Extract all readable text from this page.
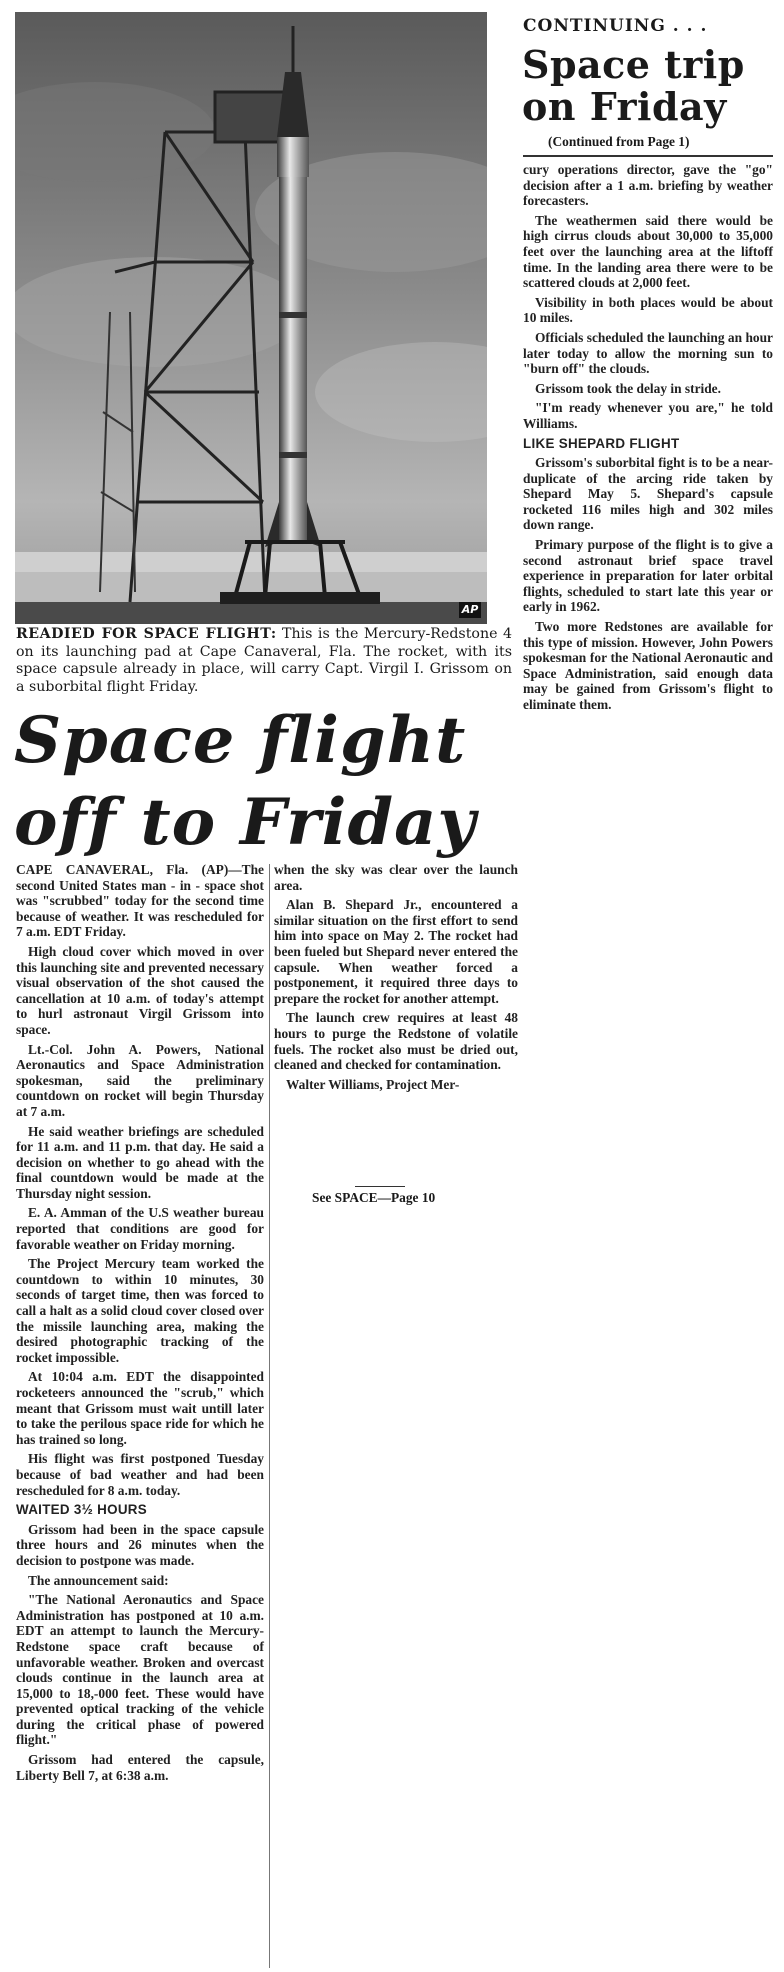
AP
READIED FOR SPACE FLIGHT: This is the Mercury-Redstone 4 on its launching pad at Cape Canaveral, Fla. The rocket, with its space capsule already in place, will carry Capt. Virgil I. Grissom on a suborbital flight Friday.
Space flight
off to Friday

CAPE CANAVERAL, Fla. (AP)—The second United States man - in - space shot was "scrubbed" today for the second time because of weather. It was rescheduled for 7 a.m. EDT Friday.

High cloud cover which moved in over this launching site and prevented necessary visual observation of the shot caused the cancellation at 10 a.m. of today's attempt to hurl astronaut Virgil Grissom into space.

Lt.-Col. John A. Powers, National Aeronautics and Space Administration spokesman, said the preliminary countdown on rocket will begin Thursday at 7 a.m.

He said weather briefings are scheduled for 11 a.m. and 11 p.m. that day. He said a decision on whether to go ahead with the final countdown would be made at the Thursday night session.

E. A. Amman of the U.S weather bureau reported that conditions are good for favorable weather on Friday morning.

The Project Mercury team worked the countdown to within 10 minutes, 30 seconds of target time, then was forced to call a halt as a solid cloud cover closed over the missile launching area, making the desired photographic tracking of the rocket impossible.

At 10:04 a.m. EDT the disappointed rocketeers announced the "scrub," which meant that Grissom must wait untill later to take the perilous space ride for which he has trained so long.

His flight was first postponed Tuesday because of bad weather and had been rescheduled for 8 a.m. today.

WAITED 3½ HOURS

Grissom had been in the space capsule three hours and 26 minutes when the decision to postpone was made.

The announcement said:

"The National Aeronautics and Space Administration has postponed at 10 a.m. EDT an attempt to launch the Mercury-Redstone space craft because of unfavorable weather. Broken and overcast clouds continue in the launch area at 15,000 to 18,-000 feet. These would have prevented optical tracking of the vehicle during the critical phase of powered flight."

Grissom had entered the capsule, Liberty Bell 7, at 6:38 a.m.

when the sky was clear over the launch area.

Alan B. Shepard Jr., encountered a similar situation on the first effort to send him into space on May 2. The rocket had been fueled but Shepard never entered the capsule. When weather forced a postponement, it required three days to prepare the rocket for another attempt.

The launch crew requires at least 48 hours to purge the Redstone of volatile fuels. The rocket also must be dried out, cleaned and checked for contamination.

Walter Williams, Project Mer-

See SPACE—Page 10
CONTINUING . . .
Space trip
on Friday
(Continued from Page 1)

cury operations director, gave the "go" decision after a 1 a.m. briefing by weather forecasters.

The weathermen said there would be high cirrus clouds about 30,000 to 35,000 feet over the launching area at the liftoff time. In the landing area there were to be scattered clouds at 2,000 feet.

Visibility in both places would be about 10 miles.

Officials scheduled the launching an hour later today to allow the morning sun to "burn off" the clouds.

Grissom took the delay in stride.

"I'm ready whenever you are," he told Williams.

LIKE SHEPARD FLIGHT

Grissom's suborbital fight is to be a near-duplicate of the arcing ride taken by Shepard May 5. Shepard's capsule rocketed 116 miles high and 302 miles down range.

Primary purpose of the flight is to give a second astronaut brief space travel experience in preparation for later orbital flights, scheduled to start late this year or early in 1962.

Two more Redstones are available for this type of mission. However, John Powers spokesman for the National Aeronautic and Space Administration, said enough data may be gained from Grissom's flight to eliminate them.
